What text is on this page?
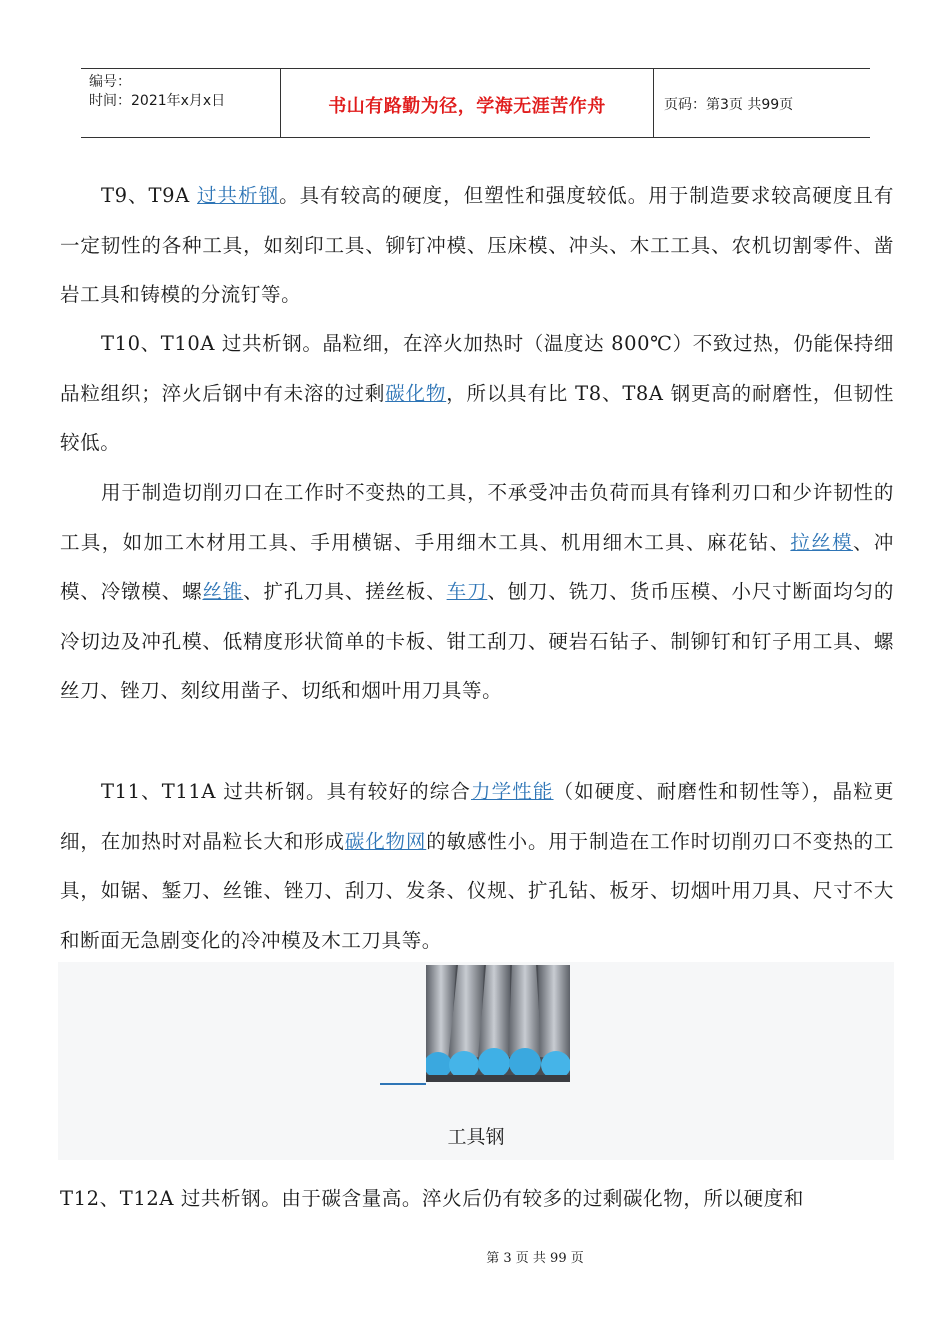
编号：
时间：2021年x月x日	书山有路勤为径，学海无涯苦作舟	页码：第3页 共99页

T9、T9A 过共析钢。具有较高的硬度，但塑性和强度较低。用于制造要求较高硬度且有一定韧性的各种工具，如刻印工具、铆钉冲模、压床模、冲头、木工工具、农机切割零件、凿岩工具和铸模的分流钉等。

T10、T10A 过共析钢。晶粒细，在淬火加热时（温度达 800℃）不致过热，仍能保持细品粒组织；淬火后钢中有未溶的过剩碳化物，所以具有比 T8、T8A 钢更高的耐磨性，但韧性较低。

用于制造切削刃口在工作时不变热的工具，不承受冲击负荷而具有锋利刃口和少许韧性的工具，如加工木材用工具、手用横锯、手用细木工具、机用细木工具、麻花钻、拉丝模、冲模、冷镦模、螺丝锥、扩孔刀具、搓丝板、车刀、刨刀、铣刀、货币压模、小尺寸断面均匀的冷切边及冲孔模、低精度形状简单的卡板、钳工刮刀、硬岩石钻子、制铆钉和钉子用工具、螺丝刀、锉刀、刻纹用凿子、切纸和烟叶用刀具等。

T11、T11A 过共析钢。具有较好的综合力学性能（如硬度、耐磨性和韧性等），晶粒更细，在加热时对晶粒长大和形成碳化物网的敏感性小。用于制造在工作时切削刃口不变热的工具，如锯、錾刀、丝锥、锉刀、刮刀、发条、仪规、扩孔钻、板牙、切烟叶用刀具、尺寸不大和断面无急剧变化的冷冲模及木工刀具等。

工具钢
T12、T12A 过共析钢。由于碳含量高。淬火后仍有较多的过剩碳化物，所以硬度和
第 3 页 共 99 页
